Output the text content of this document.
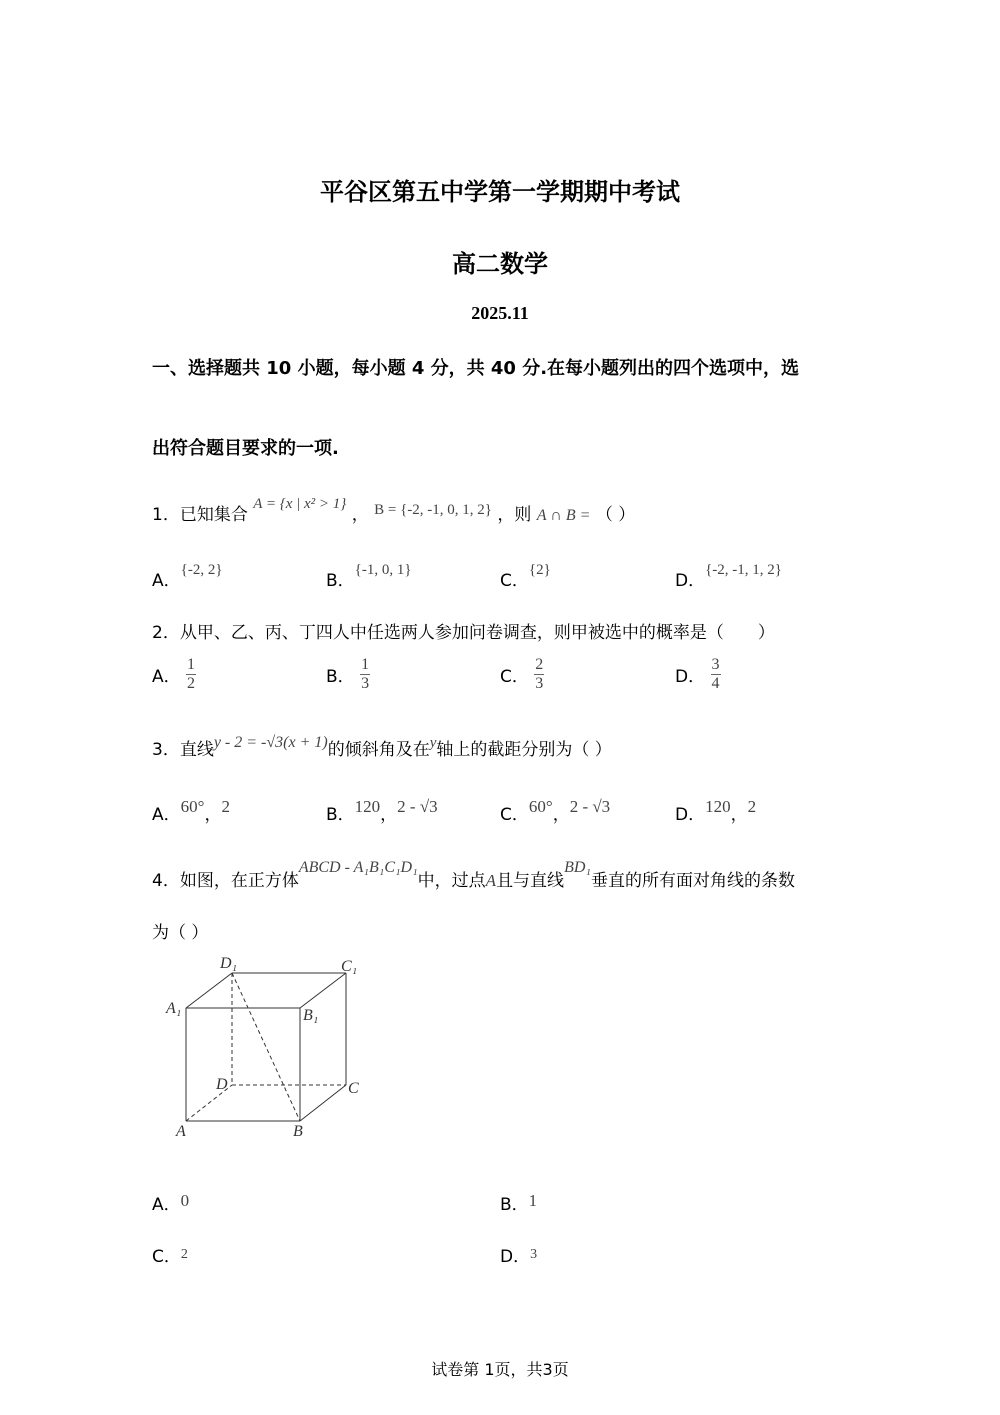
平谷区第五中学第一学期期中考试
高二数学
2025.11
一、选择题共 10 小题，每小题 4 分，共 40 分.在每小题列出的四个选项中，选
出符合题目要求的一项.
1．已知集合 A = {x | x² > 1} ， B = {-2, -1, 0, 1, 2} ，则 A ∩ B = （ ）
A．{-2, 2}
B．{-1, 0, 1}
C．{2}
D．{-2, -1, 1, 2}
2．从甲、乙、丙、丁四人中任选两人参加问卷调查，则甲被选中的概率是（　　）
A． $\frac{1}{2}$	B． $\frac{1}{3}$	C． $\frac{2}{3}$	D． $\frac{3}{4}$
3．直线y - 2 = -√3(x + 1)的倾斜角及在y轴上的截距分别为（ ）
A．60°，2	B．120，2 - √3	C．60°，2 - √3	D．120，2
4．如图，在正方体ABCD - A₁B₁C₁D₁中，过点A且与直线BD₁垂直的所有面对角线的条数
为（ ）
D₁	C₁
A₁	B₁
D	C
A	B
A．0	B．1
C．$^2$	D．$^3$
试卷第 1页，共3页
